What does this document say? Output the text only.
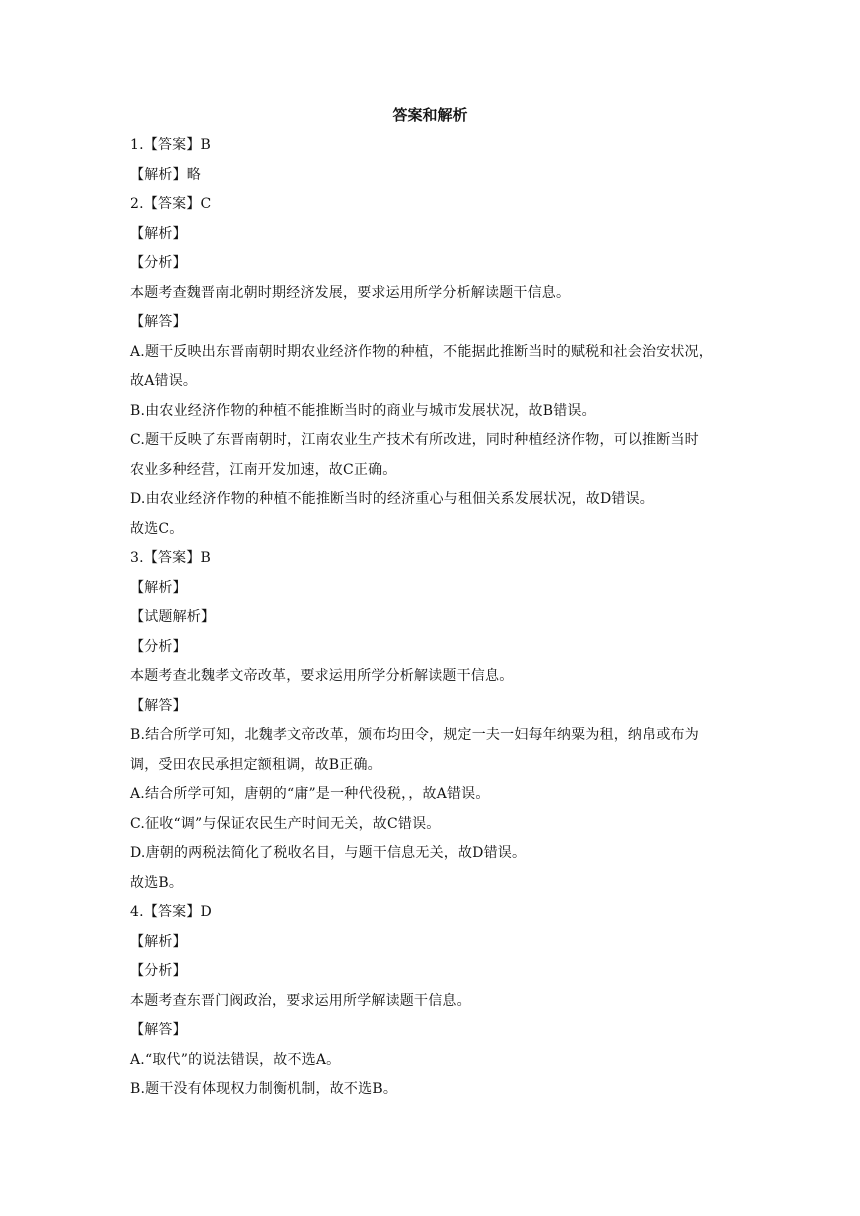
答案和解析
1.【答案】B
【解析】略
2.【答案】C
【解析】
【分析】
本题考查魏晋南北朝时期经济发展，要求运用所学分析解读题干信息。
【解答】
A.题干反映出东晋南朝时期农业经济作物的种植，不能据此推断当时的赋税和社会治安状况，
故A错误。
B.由农业经济作物的种植不能推断当时的商业与城市发展状况，故B错误。
C.题干反映了东晋南朝时，江南农业生产技术有所改进，同时种植经济作物，可以推断当时
农业多种经营，江南开发加速，故C正确。
D.由农业经济作物的种植不能推断当时的经济重心与租佃关系发展状况，故D错误。
故选C。
3.【答案】B
【解析】
【试题解析】
【分析】
本题考查北魏孝文帝改革，要求运用所学分析解读题干信息。
【解答】
B.结合所学可知，北魏孝文帝改革，颁布均田令，规定一夫一妇每年纳粟为租，纳帛或布为
调，受田农民承担定额租调，故B正确。
A.结合所学可知，唐朝的“庸”是一种代役税，，故A错误。
C.征收“调”与保证农民生产时间无关，故C错误。
D.唐朝的两税法简化了税收名目，与题干信息无关，故D错误。
故选B。
4.【答案】D
【解析】
【分析】
本题考查东晋门阀政治，要求运用所学解读题干信息。
【解答】
A.“取代”的说法错误，故不选A。
B.题干没有体现权力制衡机制，故不选B。
